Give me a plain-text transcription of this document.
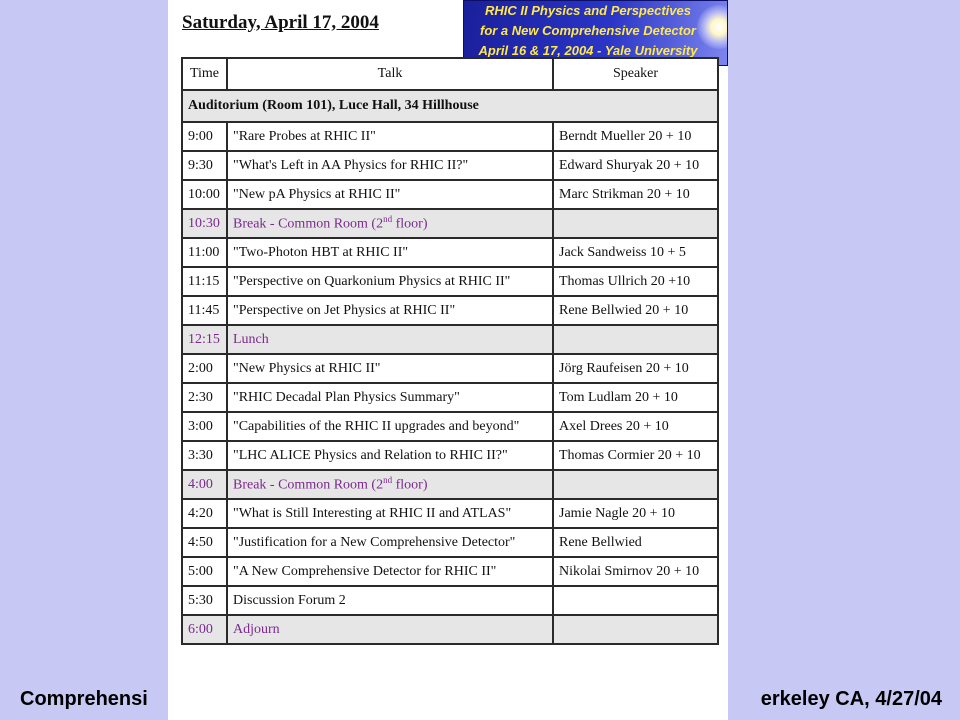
Comprehensi	erkeley CA, 4/27/04
Saturday, April 17, 2004
RHIC II Physics and Perspectives
for a New Comprehensive Detector
April 16 & 17, 2004 - Yale University
Time	Talk	Speaker
Auditorium (Room 101), Luce Hall, 34 Hillhouse		
9:00	"Rare Probes at RHIC II"	Berndt Mueller 20 + 10
9:30	"What's Left in AA Physics for RHIC II?"	Edward Shuryak 20 + 10
10:00	"New pA Physics at RHIC II"	Marc Strikman 20 + 10
10:30	Break - Common Room (2nd floor)	
11:00	"Two-Photon HBT at RHIC II"	Jack Sandweiss 10 + 5
11:15	"Perspective on Quarkonium Physics at RHIC II"	Thomas Ullrich 20 +10
11:45	"Perspective on Jet Physics at RHIC II"	Rene Bellwied 20 + 10
12:15	Lunch	
2:00	"New Physics at RHIC II"	Jörg Raufeisen 20 + 10
2:30	"RHIC Decadal Plan Physics Summary"	Tom Ludlam 20 + 10
3:00	"Capabilities of the RHIC II upgrades and beyond"	Axel Drees 20 + 10
3:30	"LHC ALICE Physics and Relation to RHIC II?"	Thomas Cormier 20 + 10
4:00	Break - Common Room (2nd floor)	
4:20	"What is Still Interesting at RHIC II and ATLAS"	Jamie Nagle 20 + 10
4:50	"Justification for a New Comprehensive Detector"	Rene Bellwied
5:00	"A New Comprehensive Detector for RHIC II"	Nikolai Smirnov 20 + 10
5:30	Discussion Forum 2	
6:00	Adjourn	
